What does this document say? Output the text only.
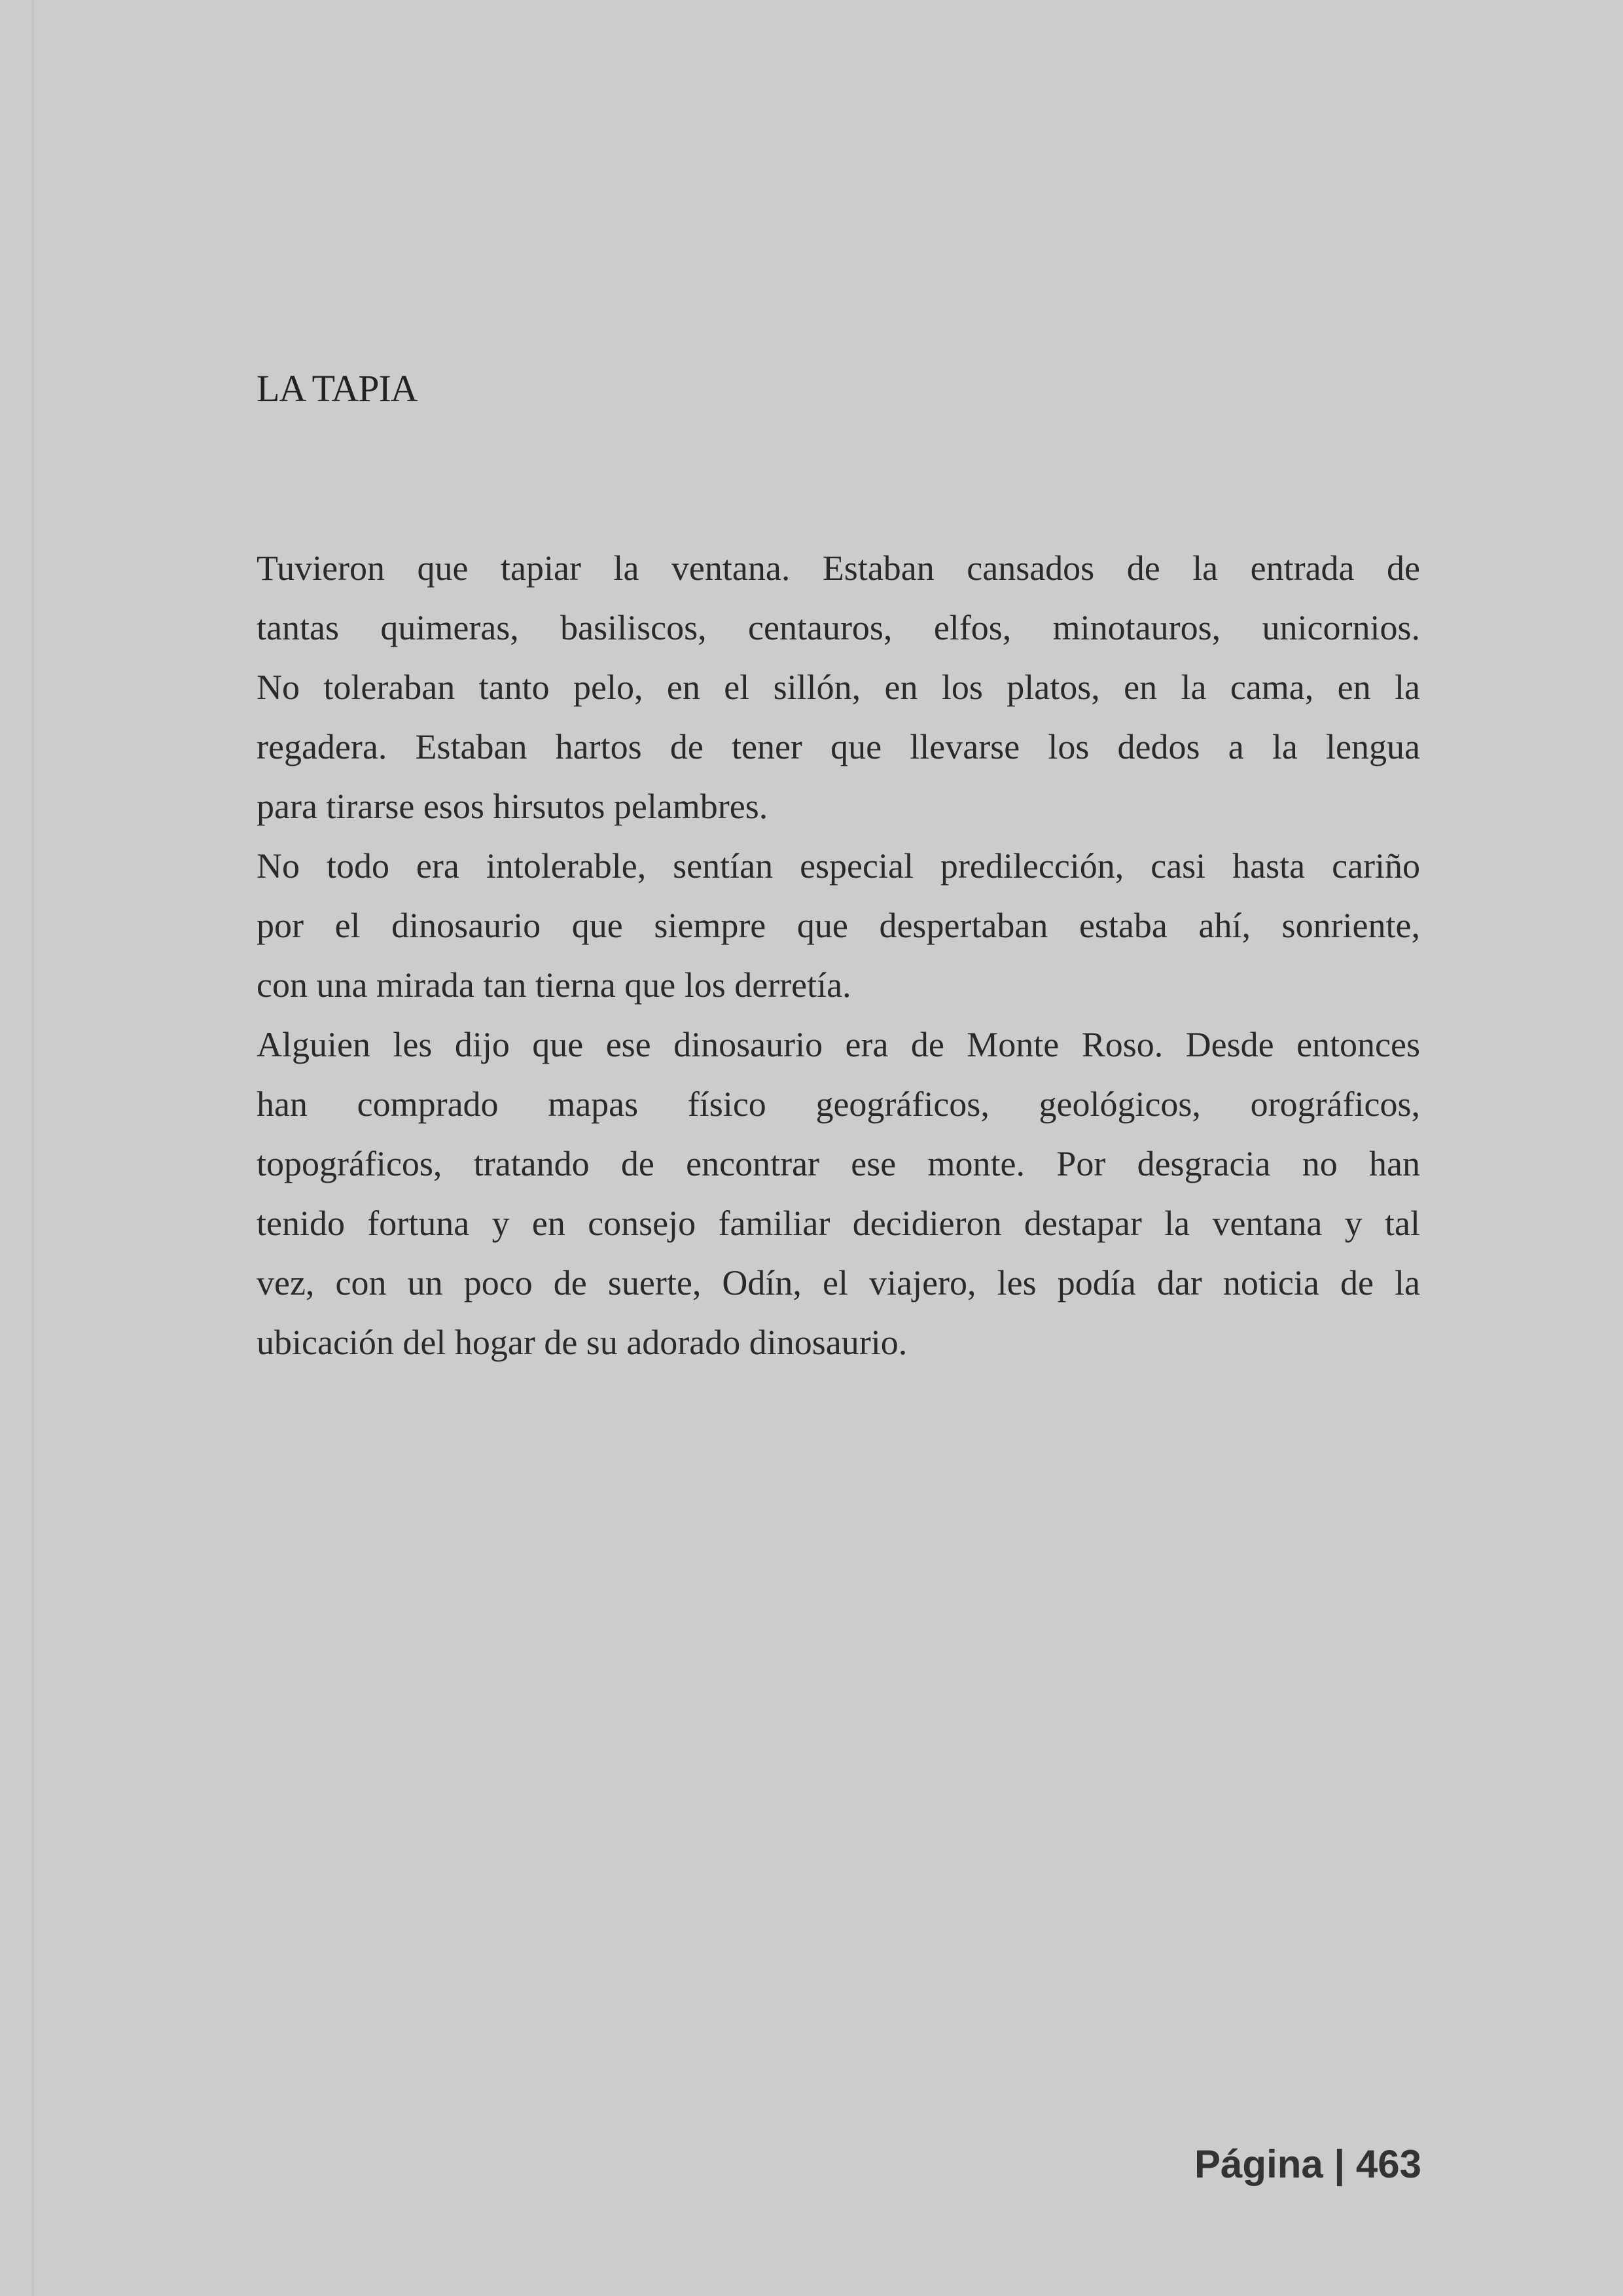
LA TAPIA
Tuvieron que tapiar la ventana. Estaban cansados de la entrada de
tantas quimeras, basiliscos, centauros, elfos, minotauros, unicornios.
No toleraban tanto pelo, en el sillón, en los platos, en la cama, en la
regadera. Estaban hartos de tener que llevarse los dedos a la lengua
para tirarse esos hirsutos pelambres.
No todo era intolerable, sentían especial predilección, casi hasta cariño
por el dinosaurio que siempre que despertaban estaba ahí, sonriente,
con una mirada tan tierna que los derretía.
Alguien les dijo que ese dinosaurio era de Monte Roso. Desde entonces
han comprado mapas físico geográficos, geológicos, orográficos,
topográficos, tratando de encontrar ese monte. Por desgracia no han
tenido fortuna y en consejo familiar decidieron destapar la ventana y tal
vez, con un poco de suerte, Odín, el viajero, les podía dar noticia de la
ubicación del hogar de su adorado dinosaurio.
Página | 463
